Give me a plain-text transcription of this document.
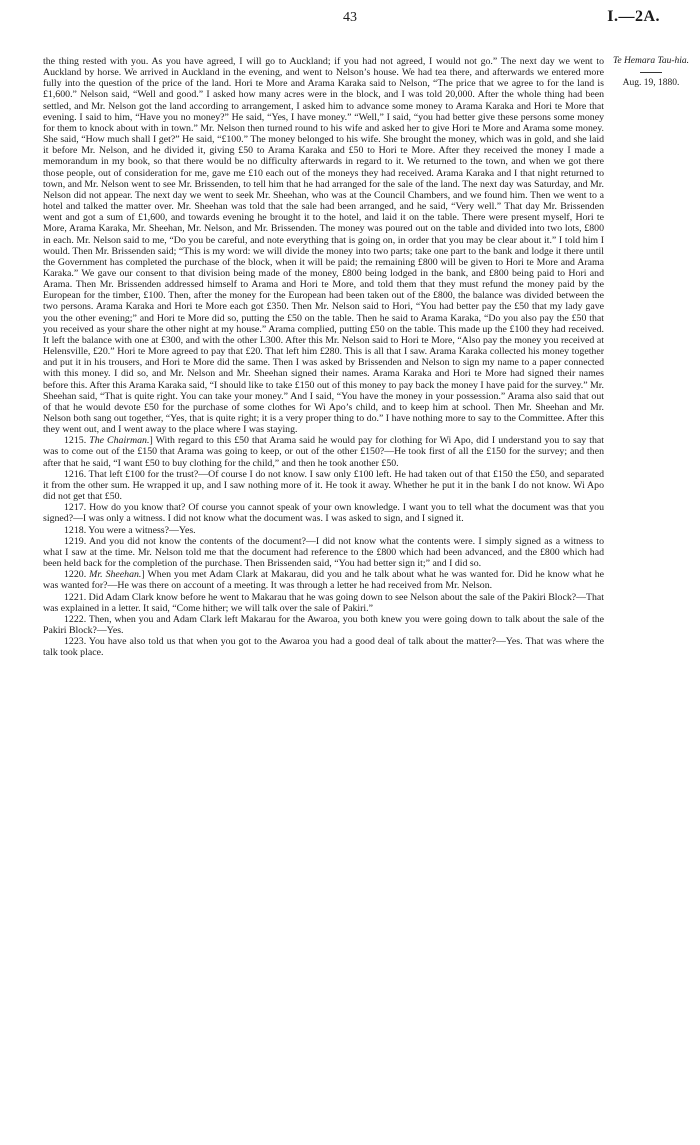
43	I.—2A.
Te Hemara Tau-hia.
Aug. 19, 1880.

the thing rested with you. As you have agreed, I will go to Auckland; if you had not agreed, I would not go.” The next day we went to Auckland by horse. We arrived in Auckland in the evening, and went to Nelson’s house. We had tea there, and afterwards we entered more fully into the question of the price of the land. Hori te More and Arama Karaka said to Nelson, “The price that we agree to for the land is £1,600.” Nelson said, “Well and good.” I asked how many acres were in the block, and I was told 20,000. After the whole thing had been settled, and Mr. Nelson got the land according to arrangement, I asked him to advance some money to Arama Karaka and Hori te More that evening. I said to him, “Have you no money?” He said, “Yes, I have money.” “Well,” I said, “you had better give these persons some money for them to knock about with in town.” Mr. Nelson then turned round to his wife and asked her to give Hori te More and Arama some money. She said, “How much shall I get?” He said, “£100.” The money belonged to his wife. She brought the money, which was in gold, and she laid it before Mr. Nelson, and he divided it, giving £50 to Arama Karaka and £50 to Hori te More. After they received the money I made a memorandum in my book, so that there would be no difficulty afterwards in regard to it. We returned to the town, and when we got there those people, out of consideration for me, gave me £10 each out of the moneys they had received. Arama Karaka and I that night returned to town, and Mr. Nelson went to see Mr. Brissenden, to tell him that he had arranged for the sale of the land. The next day was Saturday, and Mr. Nelson did not appear. The next day we went to seek Mr. Sheehan, who was at the Council Chambers, and we found him. Then we went to a hotel and talked the matter over. Mr. Sheehan was told that the sale had been arranged, and he said, “Very well.” That day Mr. Brissenden went and got a sum of £1,600, and towards evening he brought it to the hotel, and laid it on the table. There were present myself, Hori te More, Arama Karaka, Mr. Sheehan, Mr. Nelson, and Mr. Brissenden. The money was poured out on the table and divided into two lots, £800 in each. Mr. Nelson said to me, “Do you be careful, and note everything that is going on, in order that you may be clear about it.” I told him I would. Then Mr. Brissenden said; “This is my word: we will divide the money into two parts; take one part to the bank and lodge it there until the Government has completed the purchase of the block, when it will be paid; the remaining £800 will be given to Hori te More and Arama Karaka.” We gave our consent to that division being made of the money, £800 being lodged in the bank, and £800 being paid to Hori and Arama. Then Mr. Brissenden addressed himself to Arama and Hori te More, and told them that they must refund the money paid by the European for the timber, £100. Then, after the money for the European had been taken out of the £800, the balance was divided between the two persons. Arama Karaka and Hori te More each got £350. Then Mr. Nelson said to Hori, “You had better pay the £50 that my lady gave you the other evening;” and Hori te More did so, putting the £50 on the table. Then he said to Arama Karaka, “Do you also pay the £50 that you received as your share the other night at my house.” Arama complied, putting £50 on the table. This made up the £100 they had received. It left the balance with one at £300, and with the other L300. After this Mr. Nelson said to Hori te More, “Also pay the money you received at Helensville, £20.” Hori te More agreed to pay that £20. That left him £280. This is all that I saw. Arama Karaka collected his money together and put it in his trousers, and Hori te More did the same. Then I was asked by Brissenden and Nelson to sign my name to a paper connected with this money. I did so, and Mr. Nelson and Mr. Sheehan signed their names. Arama Karaka and Hori te More had signed their names before this. After this Arama Karaka said, “I should like to take £150 out of this money to pay back the money I have paid for the survey.” Mr. Sheehan said, “That is quite right. You can take your money.” And I said, “You have the money in your possession.” Arama also said that out of that he would devote £50 for the purchase of some clothes for Wi Apo’s child, and to keep him at school. Then Mr. Sheehan and Mr. Nelson both sang out together, “Yes, that is quite right; it is a very proper thing to do.” I have nothing more to say to the Committee. After this they went out, and I went away to the place where I was staying.

1215. The Chairman.] With regard to this £50 that Arama said he would pay for clothing for Wi Apo, did I understand you to say that was to come out of the £150 that Arama was going to keep, or out of the other £150?—He took first of all the £150 for the survey; and then after that he said, “I want £50 to buy clothing for the child,” and then he took another £50.

1216. That left £100 for the trust?—Of course I do not know. I saw only £100 left. He had taken out of that £150 the £50, and separated it from the other sum. He wrapped it up, and I saw nothing more of it. He took it away. Whether he put it in the bank I do not know. Wi Apo did not get that £50.

1217. How do you know that? Of course you cannot speak of your own knowledge. I want you to tell what the document was that you signed?—I was only a witness. I did not know what the document was. I was asked to sign, and I signed it.

1218. You were a witness?—Yes.

1219. And you did not know the contents of the document?—I did not know what the contents were. I simply signed as a witness to what I saw at the time. Mr. Nelson told me that the document had reference to the £800 which had been advanced, and the £800 which had been held back for the completion of the purchase. Then Brissenden said, “You had better sign it;” and I did so.

1220. Mr. Sheehan.] When you met Adam Clark at Makarau, did you and he talk about what he was wanted for. Did he know what he was wanted for?—He was there on account of a meeting. It was through a letter he had received from Mr. Nelson.

1221. Did Adam Clark know before he went to Makarau that he was going down to see Nelson about the sale of the Pakiri Block?—That was explained in a letter. It said, “Come hither; we will talk over the sale of Pakiri.”

1222. Then, when you and Adam Clark left Makarau for the Awaroa, you both knew you were going down to talk about the sale of the Pakiri Block?—Yes.

1223. You have also told us that when you got to the Awaroa you had a good deal of talk about the matter?—Yes. That was where the talk took place.
